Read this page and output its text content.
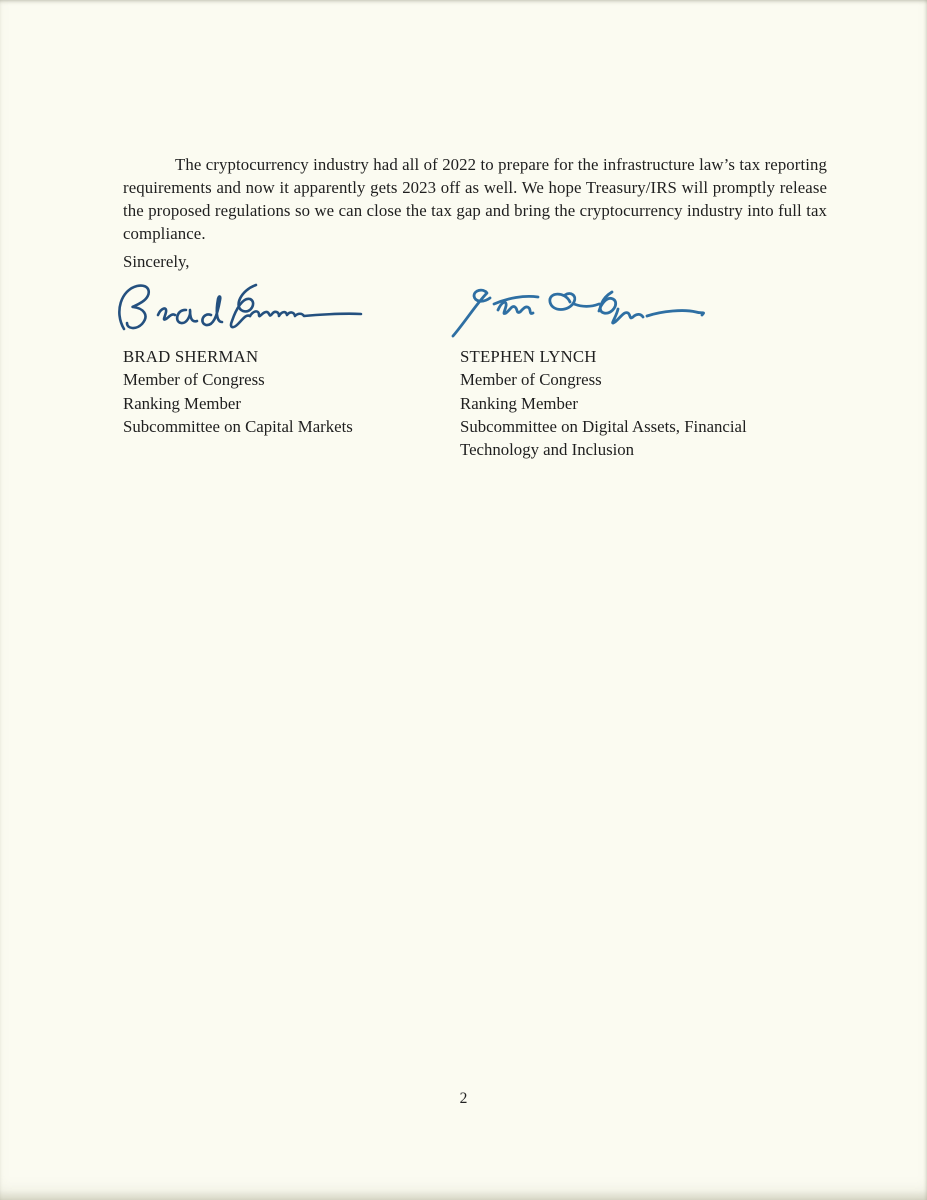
The cryptocurrency industry had all of 2022 to prepare for the infrastructure law’s tax reporting requirements and now it apparently gets 2023 off as well. We hope Treasury/IRS will promptly release the proposed regulations so we can close the tax gap and bring the cryptocurrency industry into full tax compliance.

Sincerely,
BRAD SHERMAN
Member of Congress
Ranking Member
Subcommittee on Capital Markets
STEPHEN LYNCH
Member of Congress
Ranking Member
Subcommittee on Digital Assets, Financial Technology and Inclusion
2
